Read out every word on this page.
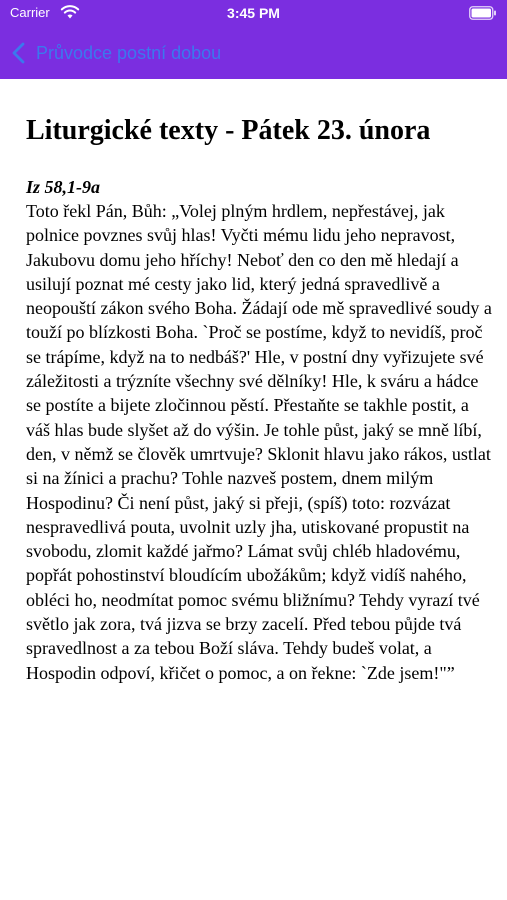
Carrier	3:45 PM
Průvodce postní dobou
Liturgické texty - Pátek 23. února
Iz 58,1-9a

Toto řekl Pán, Bůh: „Volej plným hrdlem, nepřestávej, jak polnice povznes svůj hlas! Vyčti mému lidu jeho nepravost, Jakubovu domu jeho hříchy! Neboť den co den mě hledají a usilují poznat mé cesty jako lid, který jedná spravedlivě a neopouští zákon svého Boha. Žádají ode mě spravedlivé soudy a touží po blízkosti Boha. `Proč se postíme, když to nevidíš, proč se trápíme, když na to nedbáš?' Hle, v postní dny vyřizujete své záležitosti a trýzníte všechny své dělníky! Hle, k sváru a hádce se postíte a bijete zločinnou pěstí. Přestaňte se takhle postit, a váš hlas bude slyšet až do výšin. Je tohle půst, jaký se mně líbí, den, v němž se člověk umrtvuje? Sklonit hlavu jako rákos, ustlat si na žínici a prachu? Tohle nazveš postem, dnem milým Hospodinu? Či není půst, jaký si přeji, (spíš) toto: rozvázat nespravedlivá pouta, uvolnit uzly jha, utiskované propustit na svobodu, zlomit každé jařmo? Lámat svůj chléb hladovému, popřát pohostinství bloudícím ubožákům; když vidíš nahého, obléci ho, neodmítat pomoc svému bližnímu? Tehdy vyrazí tvé světlo jak zora, tvá jizva se brzy zacelí. Před tebou půjde tvá spravedlnost a za tebou Boží sláva. Tehdy budeš volat, a Hospodin odpoví, křičet o pomoc, a on řekne: `Zde jsem!"”
